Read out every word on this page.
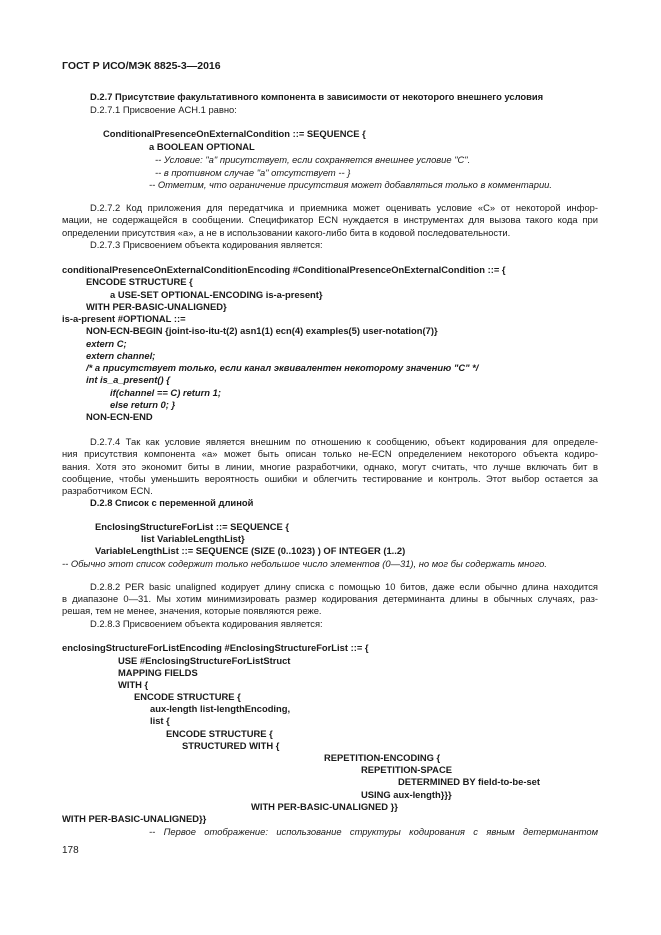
ГОСТ Р ИСО/МЭК 8825-3—2016
D.2.7 Присутствие факультативного компонента в зависимости от некоторого внешнего условия
D.2.7.1 Присвоение ACH.1 равно:
ConditionalPresenceOnExternalCondition ::= SEQUENCE {
a BOOLEAN OPTIONAL
-- Условие: "a" присутствует, если сохраняется внешнее условие "C".
-- в противном случае "a" отсутствует -- }
-- Отметим, что ограничение присутствия может добавляться только в комментарии.
D.2.7.2 Код приложения для передатчика и приемника может оценивать условие «C» от некоторой инфор-
мации, не содержащейся в сообщении. Спецификатор ECN нуждается в инструментах для вызова такого кода при
определении присутствия «a», а не в использовании какого-либо бита в кодовой последовательности.
D.2.7.3 Присвоением объекта кодирования является:
conditionalPresenceOnExternalConditionEncoding #ConditionalPresenceOnExternalCondition ::= {
ENCODE STRUCTURE {
a USE-SET OPTIONAL-ENCODING is-a-present}
WITH PER-BASIC-UNALIGNED}
is-a-present #OPTIONAL ::=
NON-ECN-BEGIN {joint-iso-itu-t(2) asn1(1) ecn(4) examples(5) user-notation(7)}
extern C;
extern channel;
/* a присутствует только, если канал эквивалентен некоторому значению "C" */
int is_a_present() {
if(channel == C) return 1;
else return 0; }
NON-ECN-END
D.2.7.4 Так как условие является внешним по отношению к сообщению, объект кодирования для определе-
ния присутствия компонента «a» может быть описан только не-ECN определением некоторого объекта кодиро-
вания. Хотя это экономит биты в линии, многие разработчики, однако, могут считать, что лучше включать бит в
сообщение, чтобы уменьшить вероятность ошибки и облегчить тестирование и контроль. Этот выбор остается за
разработчиком ECN.
D.2.8 Список с переменной длиной
EnclosingStructureForList ::= SEQUENCE {
list VariableLengthList}
VariableLengthList ::= SEQUENCE (SIZE (0..1023) ) OF INTEGER (1..2)
-- Обычно этот список содержит только небольшое число элементов (0—31), но мог бы содержать много.
D.2.8.2 PER basic unaligned кодирует длину списка с помощью 10 битов, даже если обычно длина находится
в диапазоне 0—31. Мы хотим минимизировать размер кодирования детерминанта длины в обычных случаях, раз-
решая, тем не менее, значения, которые появляются реже.
D.2.8.3 Присвоением объекта кодирования является:
enclosingStructureForListEncoding #EnclosingStructureForList ::= {
USE #EnclosingStructureForListStruct
MAPPING FIELDS
WITH {
ENCODE STRUCTURE {
aux-length list-lengthEncoding,
list {
ENCODE STRUCTURE {
STRUCTURED WITH {
REPETITION-ENCODING {
REPETITION-SPACE
DETERMINED BY field-to-be-set
USING aux-length}}}
WITH PER-BASIC-UNALIGNED }}
WITH PER-BASIC-UNALIGNED}}
-- Первое отображение: использование структуры кодирования с явным детерминантом
178
